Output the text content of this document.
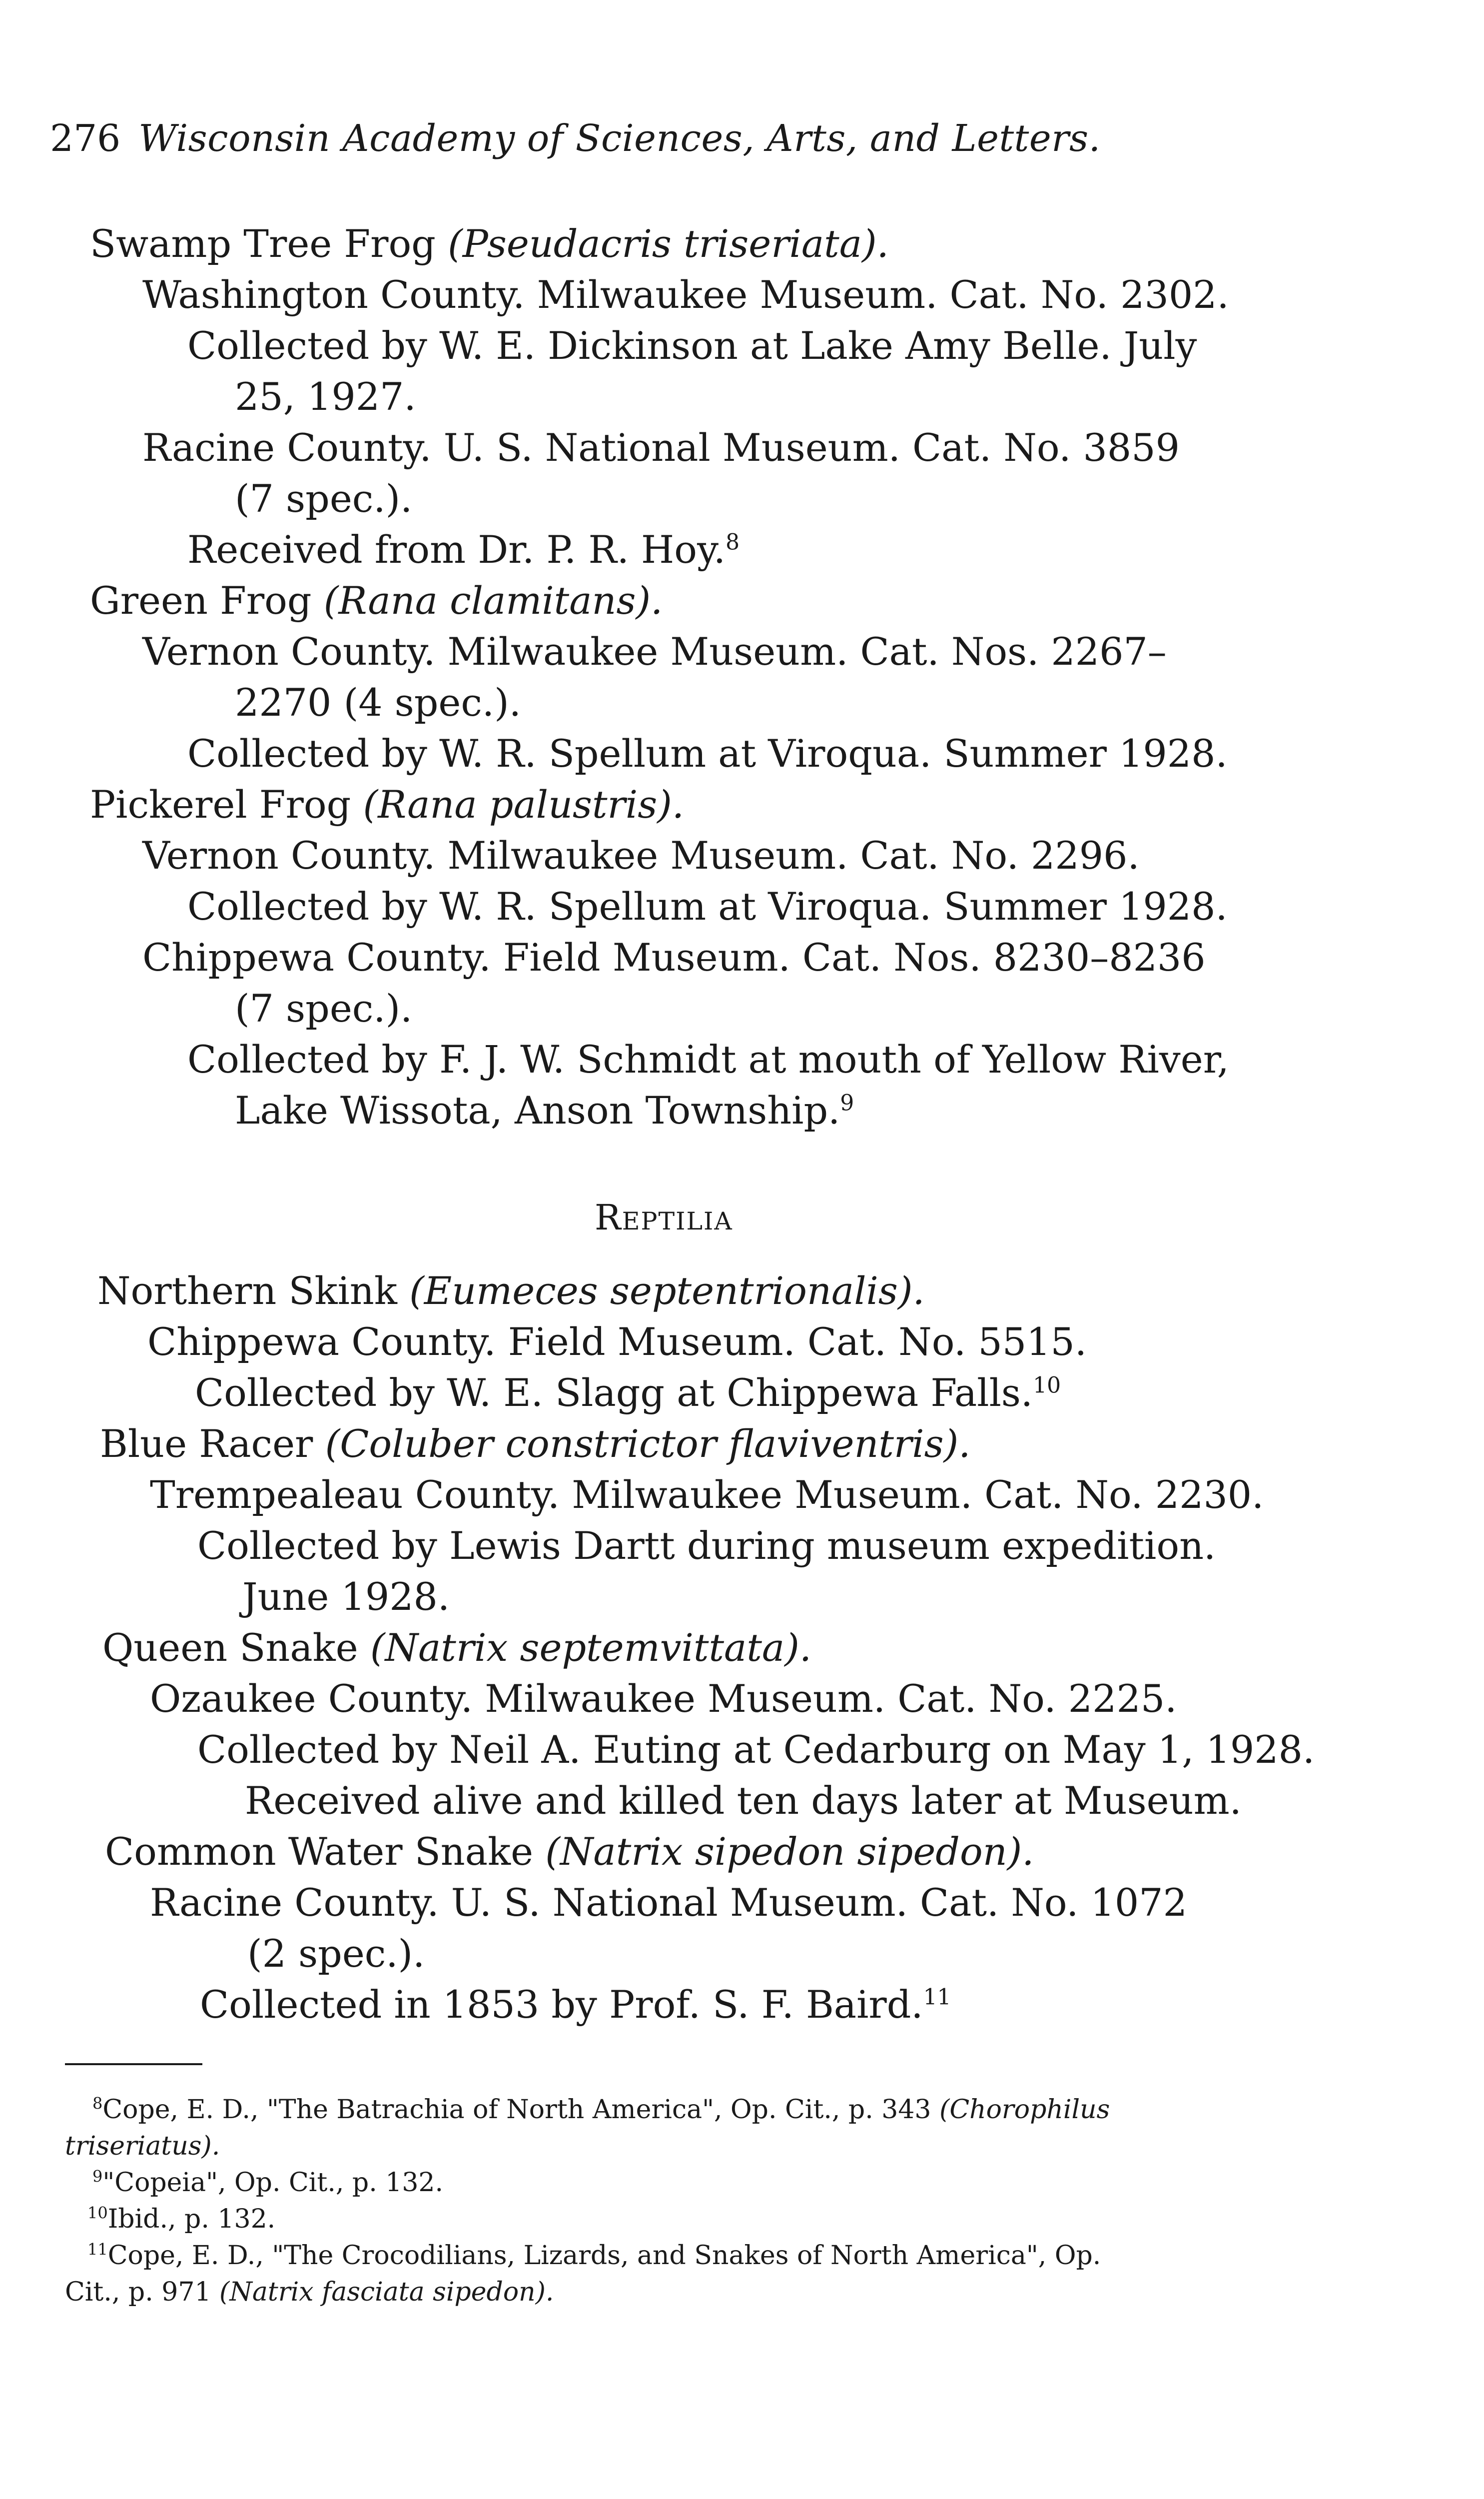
276 Wisconsin Academy of Sciences, Arts, and Letters.
Swamp Tree Frog (Pseudacris triseriata).
Washington County. Milwaukee Museum. Cat. No. 2302.
Collected by W. E. Dickinson at Lake Amy Belle. July
25, 1927.
Racine County. U. S. National Museum. Cat. No. 3859
(7 spec.).
Received from Dr. P. R. Hoy.$^8$
Green Frog (Rana clamitans).
Vernon County. Milwaukee Museum. Cat. Nos. 2267–
2270 (4 spec.).
Collected by W. R. Spellum at Viroqua. Summer 1928.
Pickerel Frog (Rana palustris).
Vernon County. Milwaukee Museum. Cat. No. 2296.
Collected by W. R. Spellum at Viroqua. Summer 1928.
Chippewa County. Field Museum. Cat. Nos. 8230–8236
(7 spec.).
Collected by F. J. W. Schmidt at mouth of Yellow River,
Lake Wissota, Anson Township.$^9$
Reptilia
Northern Skink (Eumeces septentrionalis).
Chippewa County. Field Museum. Cat. No. 5515.
Collected by W. E. Slagg at Chippewa Falls.$^{10}$
Blue Racer (Coluber constrictor flaviventris).
Trempealeau County. Milwaukee Museum. Cat. No. 2230.
Collected by Lewis Dartt during museum expedition.
June 1928.
Queen Snake (Natrix septemvittata).
Ozaukee County. Milwaukee Museum. Cat. No. 2225.
Collected by Neil A. Euting at Cedarburg on May 1, 1928.
Received alive and killed ten days later at Museum.
Common Water Snake (Natrix sipedon sipedon).
Racine County. U. S. National Museum. Cat. No. 1072
(2 spec.).
Collected in 1853 by Prof. S. F. Baird.$^{11}$
$^8$Cope, E. D., "The Batrachia of North America", Op. Cit., p. 343 (Chorophilus
triseriatus).
$^9$"Copeia", Op. Cit., p. 132.
$^{10}$Ibid., p. 132.
$^{11}$Cope, E. D., "The Crocodilians, Lizards, and Snakes of North America", Op.
Cit., p. 971 (Natrix fasciata sipedon).
